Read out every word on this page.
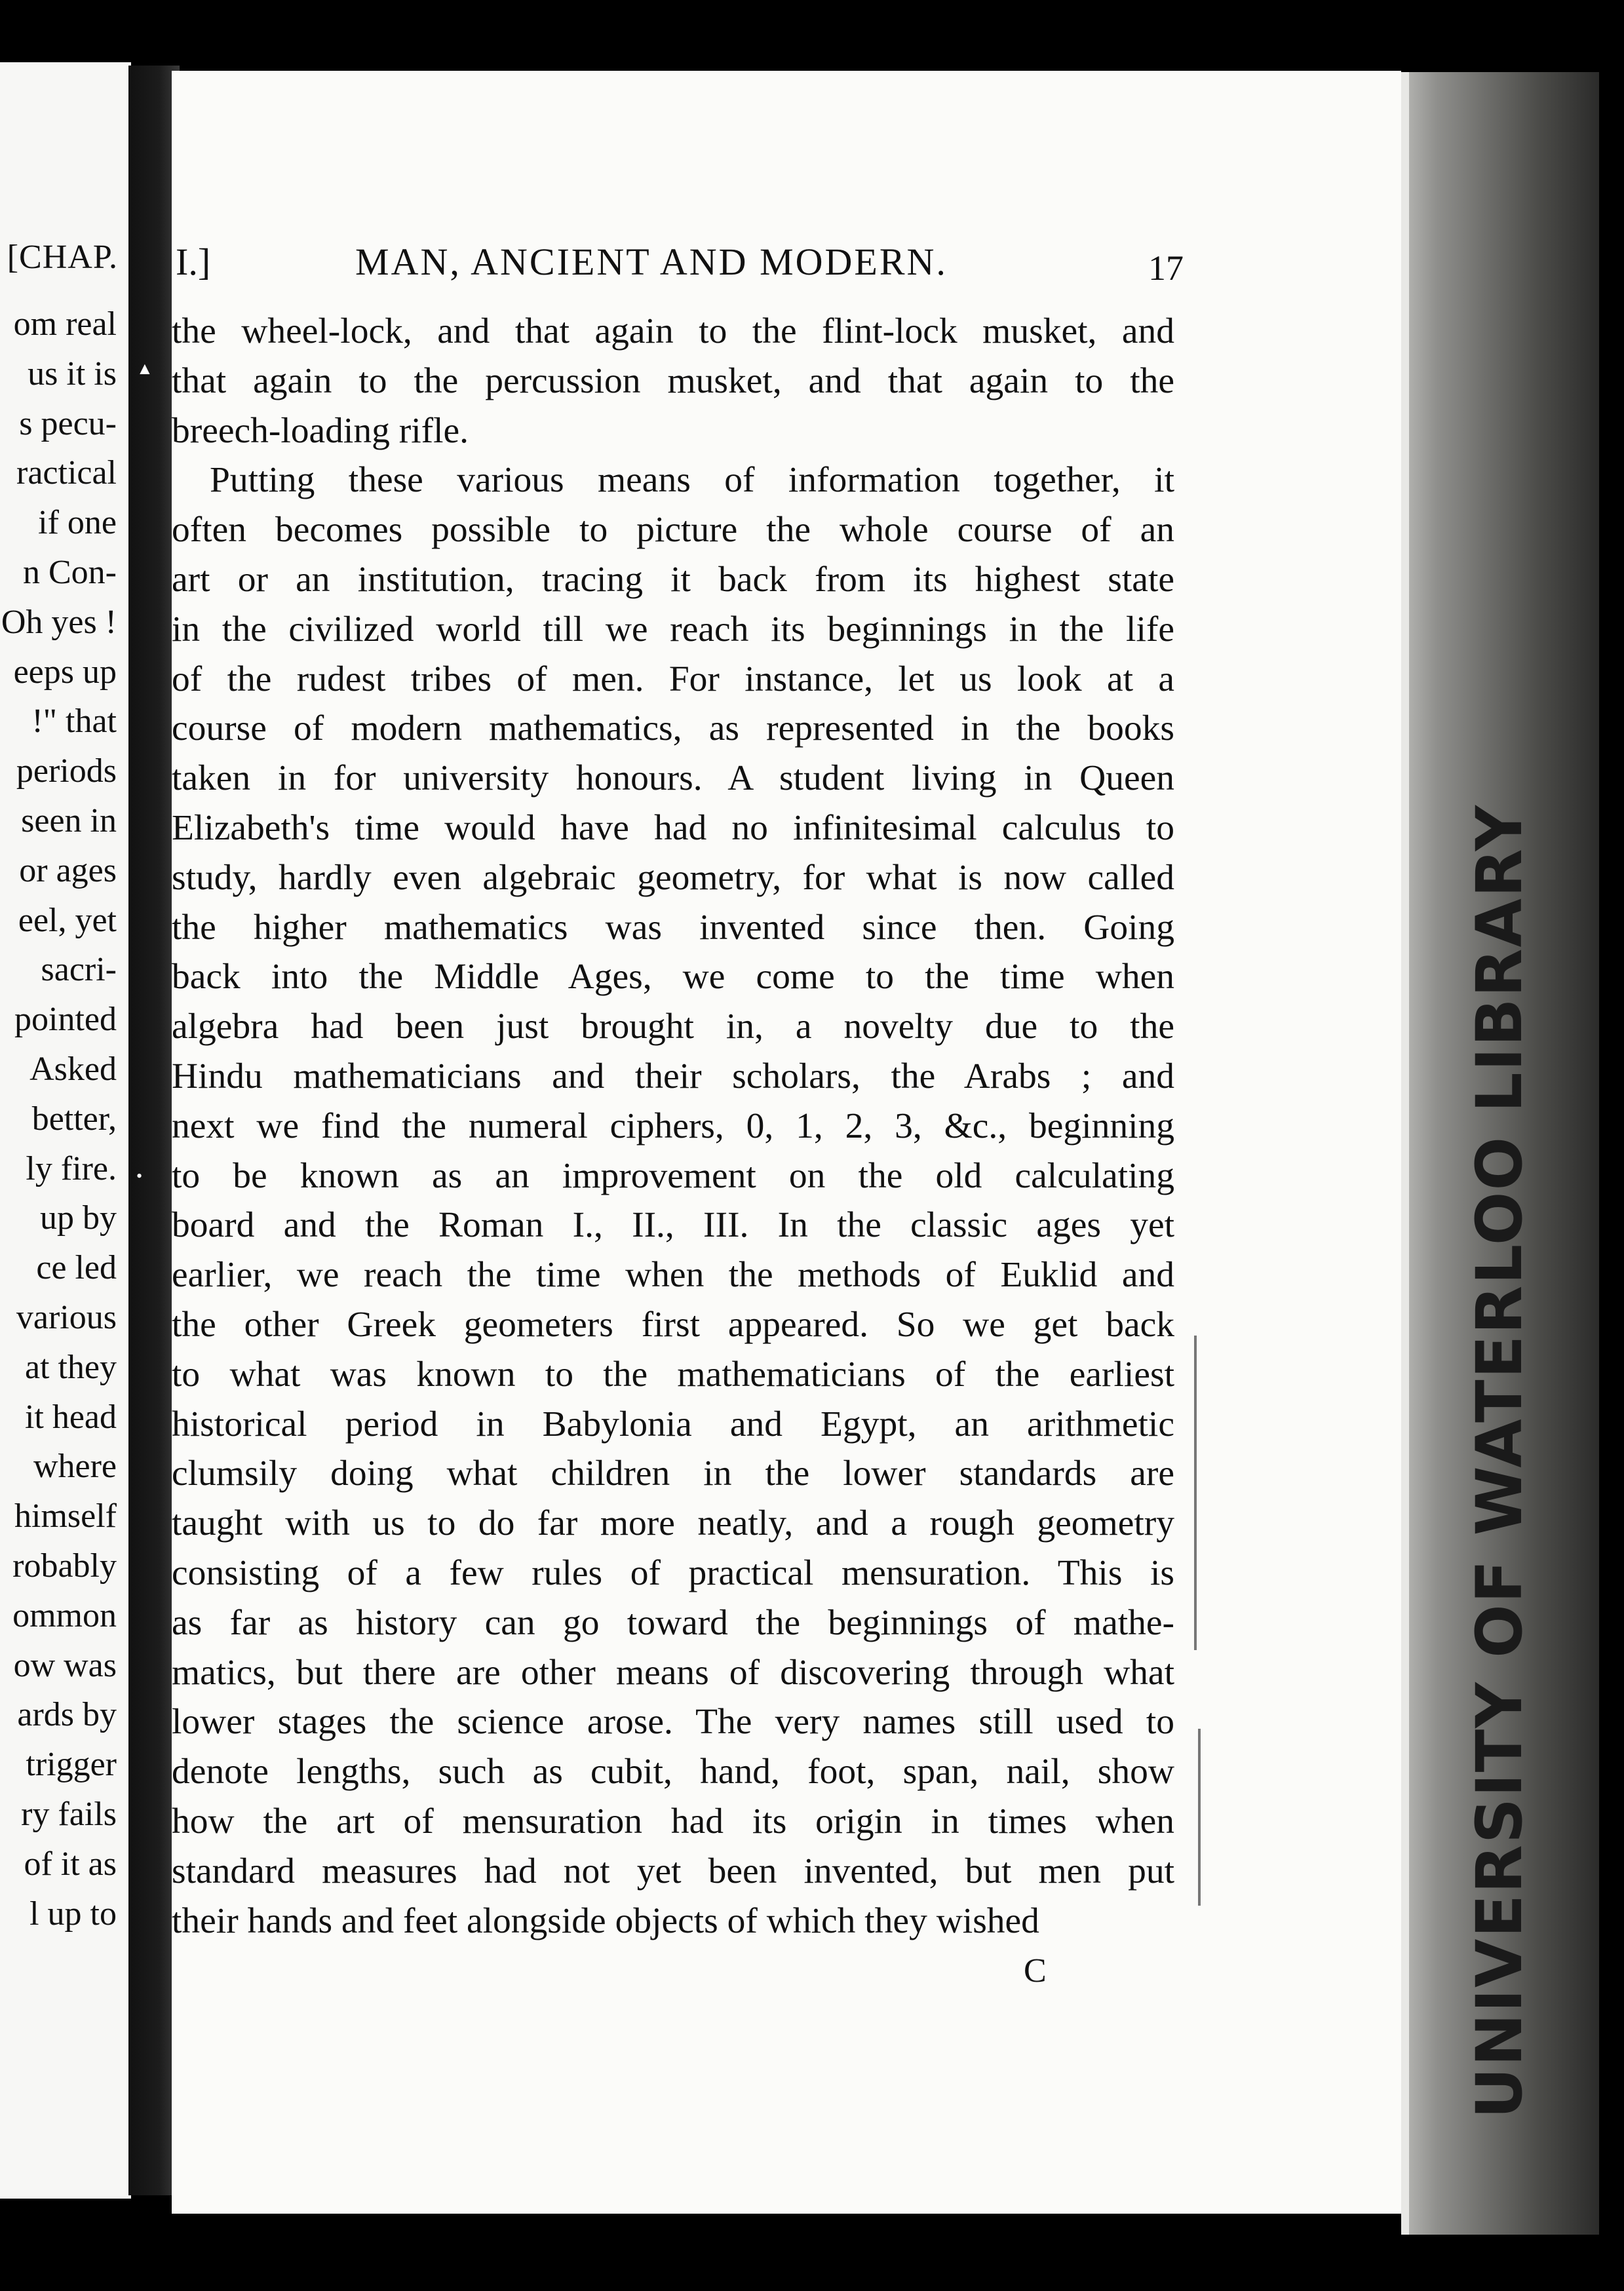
[CHAP.
om real
us it is
s pecu-
ractical
if one
n Con-
Oh yes !
eeps up
!" that
periods
seen in
or ages
eel, yet
sacri-
pointed
Asked
better,
ly fire.
up by
ce led
various
at they
it head
where
himself
robably
ommon
ow was
ards by
trigger
ry fails
of it as
l up to
▲
•
I.]	MAN, ANCIENT AND MODERN.	17
the wheel-lock, and that again to the flint-lock musket, and
that again to the percussion musket, and that again to the
breech-loading rifle.
Putting these various means of information together, it
often becomes possible to picture the whole course of an
art or an institution, tracing it back from its highest state
in the civilized world till we reach its beginnings in the life
of the rudest tribes of men. For instance, let us look at a
course of modern mathematics, as represented in the books
taken in for university honours. A student living in Queen
Elizabeth's time would have had no infinitesimal calculus to
study, hardly even algebraic geometry, for what is now called
the higher mathematics was invented since then. Going
back into the Middle Ages, we come to the time when
algebra had been just brought in, a novelty due to the
Hindu mathematicians and their scholars, the Arabs ; and
next we find the numeral ciphers, 0, 1, 2, 3, &c., beginning
to be known as an improvement on the old calculating
board and the Roman I., II., III. In the classic ages yet
earlier, we reach the time when the methods of Euklid and
the other Greek geometers first appeared. So we get back
to what was known to the mathematicians of the earliest
historical period in Babylonia and Egypt, an arithmetic
clumsily doing what children in the lower standards are
taught with us to do far more neatly, and a rough geometry
consisting of a few rules of practical mensuration. This is
as far as history can go toward the beginnings of mathe-
matics, but there are other means of discovering through what
lower stages the science arose. The very names still used to
denote lengths, such as cubit, hand, foot, span, nail, show
how the art of mensuration had its origin in times when
standard measures had not yet been invented, but men put
their hands and feet alongside objects of which they wished
C	UNIVERSITY OF WATERLOO LIBRARY
